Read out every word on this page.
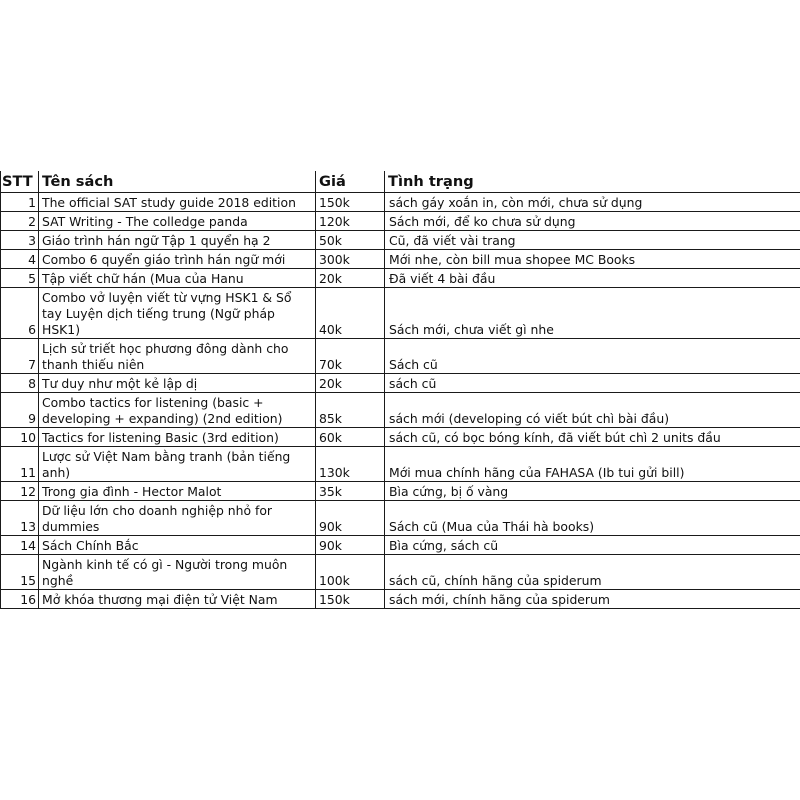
STT	Tên sách	Giá	Tình trạng
1	The official SAT study guide 2018 edition	150k	sách gáy xoắn in, còn mới, chưa sử dụng
2	SAT Writing - The colledge panda	120k	Sách mới, để ko chưa sử dụng
3	Giáo trình hán ngữ Tập 1 quyển hạ 2	50k	Cũ, đã viết vài trang
4	Combo 6 quyển giáo trình hán ngữ mới	300k	Mới nhe, còn bill mua shopee MC Books
5	Tập viết chữ hán (Mua của Hanu	20k	Đã viết 4 bài đầu
6	Combo vở luyện viết từ vựng HSK1 & Sổ tay Luyện dịch tiếng trung (Ngữ pháp HSK1)	40k	Sách mới, chưa viết gì nhe
7	Lịch sử triết học phương đông dành cho thanh thiếu niên	70k	Sách cũ
8	Tư duy như một kẻ lập dị	20k	sách cũ
9	Combo tactics for listening (basic + developing + expanding) (2nd edition)	85k	sách mới (developing có viết bút chì bài đầu)
10	Tactics for listening Basic (3rd edition)	60k	sách cũ, có bọc bóng kính, đã viết bút chì 2 units đầu
11	Lược sử Việt Nam bằng tranh (bản tiếng anh)	130k	Mới mua chính hãng của FAHASA (Ib tui gửi bill)
12	Trong gia đình - Hector Malot	35k	Bìa cứng, bị ố vàng
13	Dữ liệu lớn cho doanh nghiệp nhỏ for dummies	90k	Sách cũ (Mua của Thái hà books)
14	Sách Chính Bắc	90k	Bìa cứng, sách cũ
15	Ngành kinh tế có gì - Người trong muôn nghề	100k	sách cũ, chính hãng của spiderum
16	Mở khóa thương mại điện tử Việt Nam	150k	sách mới, chính hãng của spiderum
